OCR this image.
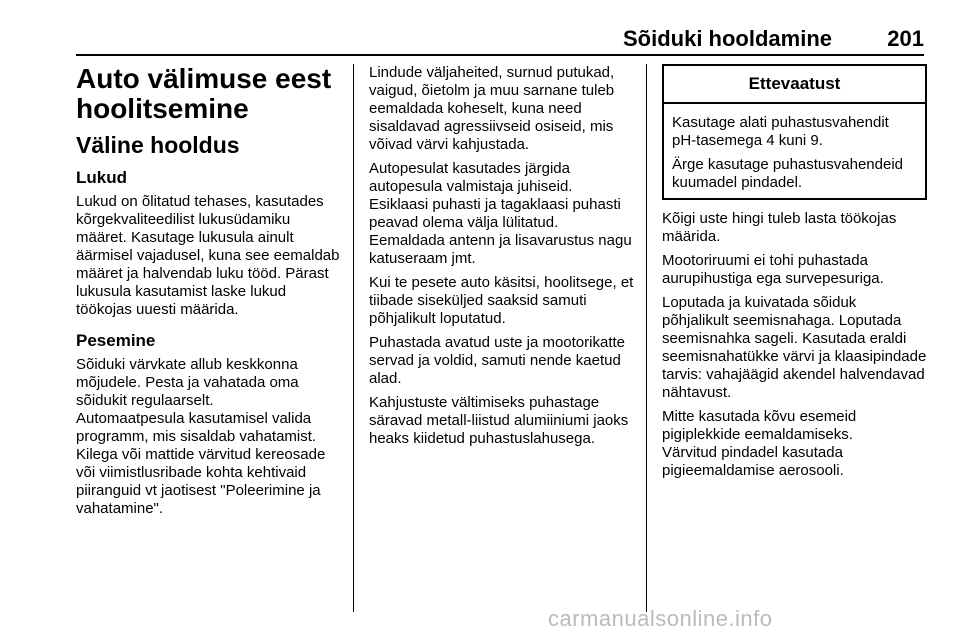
Sõiduki hooldamine	201
Auto välimuse eest hoolitsemine
Väline hooldus
Lukud

Lukud on õlitatud tehases, kasutades kõrgekvaliteedilist lukusüdamiku määret. Kasutage lukusula ainult äärmisel vajadusel, kuna see eemaldab määret ja halvendab luku tööd. Pärast lukusula kasutamist laske lukud töökojas uuesti määrida.

Pesemine

Sõiduki värvkate allub keskkonna mõjudele. Pesta ja vahatada oma sõidukit regulaarselt.

Automaatpesula kasutamisel valida programm, mis sisaldab vahatamist. Kilega või mattide värvitud kereosade või viimistlusribade kohta kehtivaid piiranguid vt jaotisest "Poleerimine ja vahatamine".

Lindude väljaheited, surnud putukad, vaigud, õietolm ja muu sarnane tuleb eemaldada koheselt, kuna need sisaldavad agressiivseid osiseid, mis võivad värvi kahjustada.

Autopesulat kasutades järgida autopesula valmistaja juhiseid.

Esiklaasi puhasti ja tagaklaasi puhasti peavad olema välja lülitatud. Eemaldada antenn ja lisavarustus nagu katuseraam jmt.

Kui te pesete auto käsitsi, hoolitsege, et tiibade siseküljed saaksid samuti põhjalikult loputatud.

Puhastada avatud uste ja mootorikatte servad ja voldid, samuti nende kaetud alad.

Kahjustuste vältimiseks puhastage säravad metall-liistud alumiiniumi jaoks heaks kiidetud puhastuslahusega.

Ettevaatust

Kasutage alati puhastusvahendit pH-tasemega 4 kuni 9.

Ärge kasutage puhastusvahendeid kuumadel pindadel.

Kõigi uste hingi tuleb lasta töökojas määrida.

Mootoriruumi ei tohi puhastada aurupihustiga ega survepesuriga.

Loputada ja kuivatada sõiduk põhjalikult seemisnahaga. Loputada seemisnahka sageli. Kasutada eraldi seemisnahatükke värvi ja klaasipindade tarvis: vahajäägid akendel halvendavad nähtavust.

Mitte kasutada kõvu esemeid pigiplekkide eemaldamiseks.

Värvitud pindadel kasutada pigieemaldamise aerosooli.

carmanualsonline.info
